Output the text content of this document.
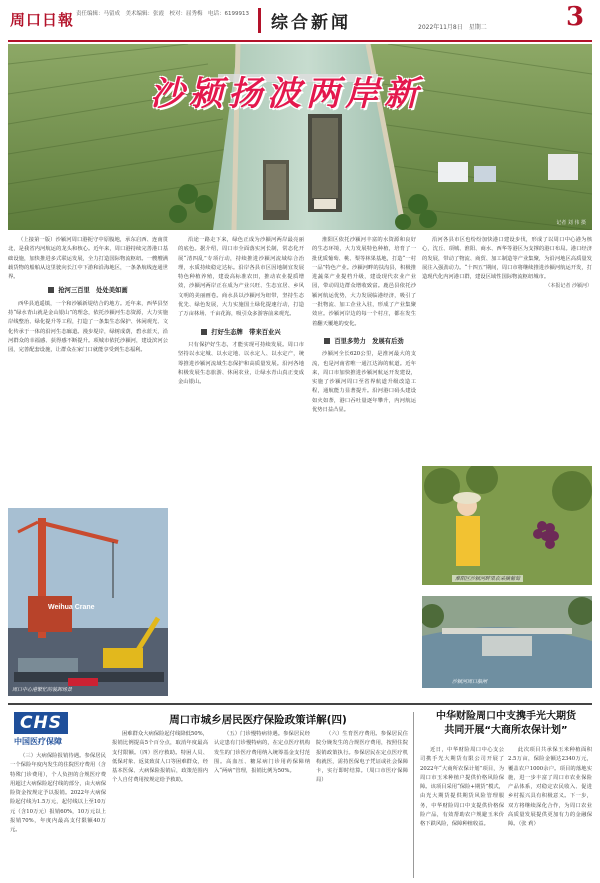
周口日報 责任编辑：马留成　美术编辑：张霞　校对：屈秀梅　电话：6199913	综合新闻	2022年11月8日　星期二	3
沙颍扬波两岸新
记者 刘 伟 摄

（上接第一版）沙颍河周口港扼守中原腹地，承东启西、连南贯北，是我省内河航运的龙头和核心。近年来，周口港持续完善港口基础设施，加快推进多式联运发展，全力打造国际物流枢纽。一艘艘满载货物的船舶从这里驶向长江中下游和沿海地区，一条条航线连通世界。

抢河三百里　处处美如画

西华县逍遥镇，一个和沙颍新堤结合的地方。近年来，西华县坚持“绿水青山就是金山银山”的理念，依托沙颍河生态资源，大力实施岸线整治、绿化提升等工程，打造了一条集生态保护、休闲观光、文化传承于一体的沿河生态廊道。漫步堤岸，绿树成荫，碧水蓝天，沿河群众的幸福感、获得感不断提升。项城市依托沙颍河，建设滨河公园，完善配套设施，让群众在家门口就能享受到生态福利。

Weihua Crane
周口中心港繁忙的装卸场景

沿途一路走下来，绿色正成为沙颍河两岸最亮丽的底色。据介绍，周口市全面落实河长制，常态化开展“清四乱”专项行动，持续推进沙颍河流域综合治理，水质持续稳定达标。沿岸各县市区因地制宜发展特色种植养殖，建设高标准农田，推动农业提质增效，沙颍河两岸正在成为产业兴旺、生态宜居、乡风文明的美丽画卷。商水县以沙颍河为纽带，坚持生态优先、绿色发展，大力实施国土绿化提速行动，打造了万亩林场、千亩花海，吸引众多游客前来观光。

打好生态牌　带来百业兴

只有保护好生态，才能实现可持续发展。周口市坚持以水定城、以水定地、以水定人、以水定产，统筹推进沙颍河流域生态保护和高质量发展。沿河各地积极发展生态旅游、休闲农业，让绿水青山真正变成金山银山。

淮阳区依托沙颍河丰富的水资源和良好的生态环境，大力发展特色种植，培育了一批优质葡萄、桃、梨等林果基地，打造“一村一品”特色产业。沙颍河畔的扶沟县，积极推进蔬菜产业提档升级，建设现代农业产业园，带动周边群众增收致富。鹿邑县依托沙颍河航运优势，大力发展临港经济，吸引了一批物流、加工企业入驻，形成了产业集聚效应。沙颍河岸边的每一个村庄，都在发生着翻天覆地的变化。

百里多势力　发展有后劲

沙颍河全长620公里，是淮河最大的支流，也是河南省唯一通江达海的航道。近年来，周口市加快推进沙颍河航运开发建设，实施了沙颍河周口至省界航道升级改造工程，通航能力显著提升。沿河港口码头建设如火如荼，港口吞吐量逐年攀升，内河航运优势日益凸显。

沿河各县市区也纷纷加快港口建设步伐，形成了以周口中心港为核心，沈丘、项城、淮阳、商水、西华等港区为支撑的港口布局。港口经济的发展，带动了物流、商贸、加工制造等产业集聚，为沿河地区高质量发展注入强劲动力。“十四五”期间，周口市将继续推进沙颍河航运开发，打造现代化内河港口群，建设区域性国际物流枢纽城市。

（本报记者 沙颍河）
淮阳区沙颍河畔果农采摘葡萄
沙颍河周口船闸
CHS
中国医疗保障
周口市城乡居民医疗保险政策详解(四)

（三）大病保险报销待遇。参保居民一个保险年度内发生的住院医疗费用（含特殊门诊费用），个人负担的合规医疗费用超过大病保险起付线的部分，由大病保险资金按规定予以报销。2022年大病保险起付线为1.5万元，起付线以上至10万元（含10万元）报销60%，10万元以上报销70%，年度内最高支付限额40万元。

困难群众大病保险起付线降低50%，报销比例提高5个百分点，取消年度最高支付限额。（四）医疗救助。特困人员、低保对象、返贫致贫人口等困难群众，经基本医保、大病保险报销后，政策范围内个人自付费用按规定给予救助。

（五）门诊慢特病待遇。参保居民经认定患有门诊慢特病的，在定点医疗机构发生的门诊医疗费用纳入统筹基金支付范围。高血压、糖尿病门诊用药保障纳入“两病”管理，报销比例为50%。

（六）生育医疗费用。参保居民住院分娩发生的合规医疗费用，按照住院报销政策执行。参保居民在定点医疗机构就医，需持医保电子凭证或社会保障卡，实行即时结算。（周口市医疗保障局）

中华财险周口中支携手光大期货
共同开展“大商所农保计划”

近日，中华财险周口中心支公司携手光大期货有限公司开展了2022年“大商所农保计划”项目，为周口市玉米种植户提供价格风险保障。该项目采用“保险+期货”模式，由光大期货提供期货风险管理服务，中华财险周口中支提供价格保险产品，有效帮助农户规避玉米价格下跌风险，保障种植收益。

此次项目共承保玉米种植面积2.5万亩，保险金额达2340万元，覆盖农户1000余户。项目的落地实施，进一步丰富了周口市农业保险产品体系，对稳定农民收入、促进乡村振兴具有积极意义。下一步，双方将继续深化合作，为周口农业高质量发展提供更加有力的金融保障。（张 莉）
